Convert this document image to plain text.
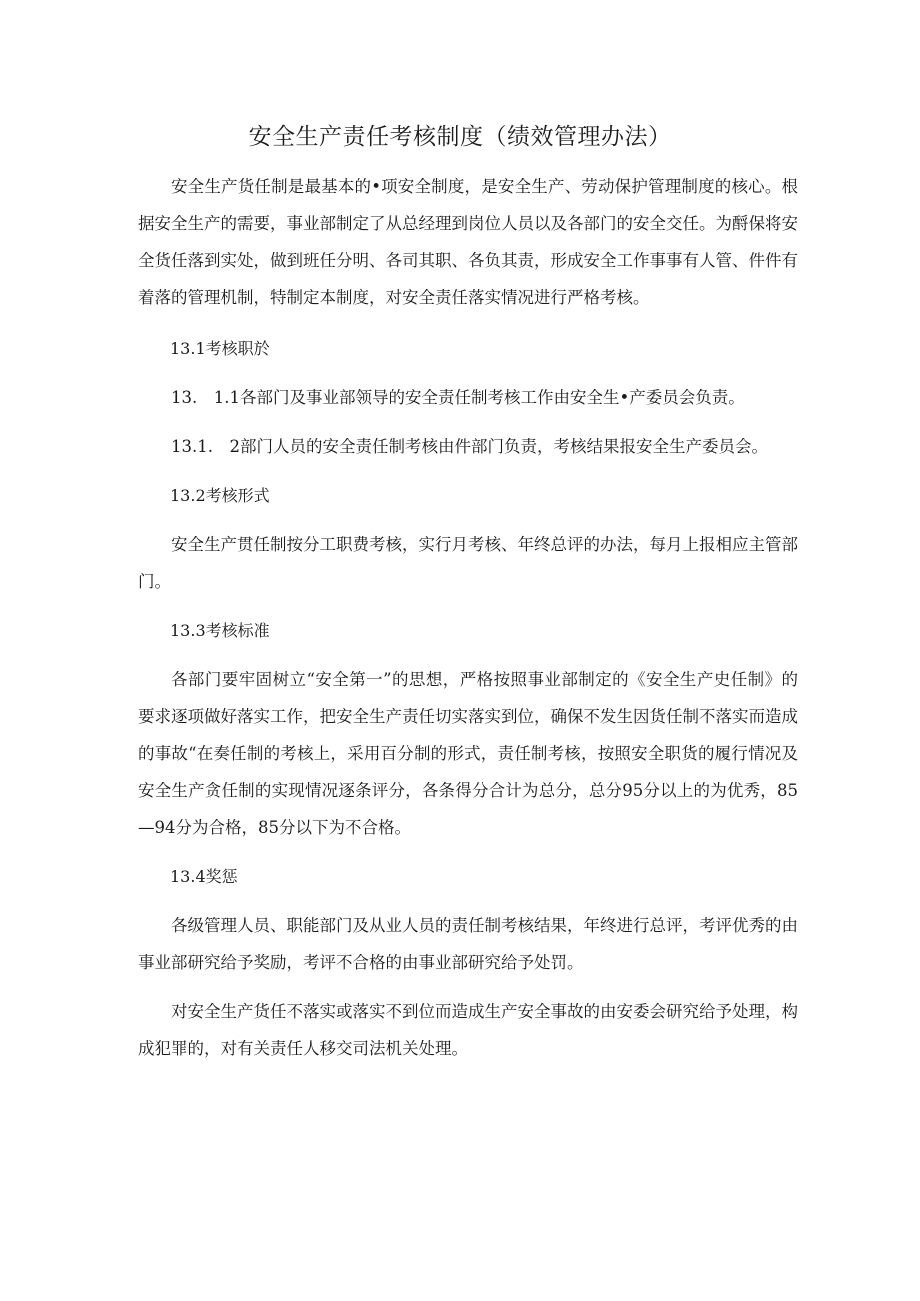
安全生产责任考核制度（绩效管理办法）

安全生产货任制是最基本的•项安全制度，是安全生产、劳动保护管理制度的核心。根据安全生产的需要，事业部制定了从总经理到岗位人员以及各部门的安全交任。为酹保将安全货任落到实处，做到班任分明、各司其职、各负其责，形成安全工作事事有人管、件件有着落的管理机制，特制定本制度，对安全责任落实情况进行严格考核。

13.1考核职於

13.　1.1各部门及事业部领导的安全责任制考核工作由安全生•产委员会负责。

13.1.　2部门人员的安全责任制考核由件部门负责，考核结果报安全生产委员会。

13.2考核形式

安全生产贯任制按分工职费考核，实行月考核、年终总评的办法，每月上报相应主管部门。

13.3考核标准

各部门要牢固树立“安全第一”的思想，严格按照事业部制定的《安全生产史任制》的要求逐项做好落实工作，把安全生产责任切实落实到位，确保不发生因货任制不落实而造成的事故“在奏任制的考核上，采用百分制的形式，责任制考核，按照安全职货的履行情况及安全生产贪任制的实现情况逐条评分，各条得分合计为总分，总分95分以上的为优秀，85—94分为合格，85分以下为不合格。

13.4奖惩

各级管理人员、职能部门及从业人员的责任制考核结果，年终进行总评，考评优秀的由事业部研究给予奖励，考评不合格的由事业部研究给予处罚。

对安全生产货任不落实或落实不到位而造成生产安全事故的由安委会研究给予处理，构成犯罪的，对有关责任人移交司法机关处理。
